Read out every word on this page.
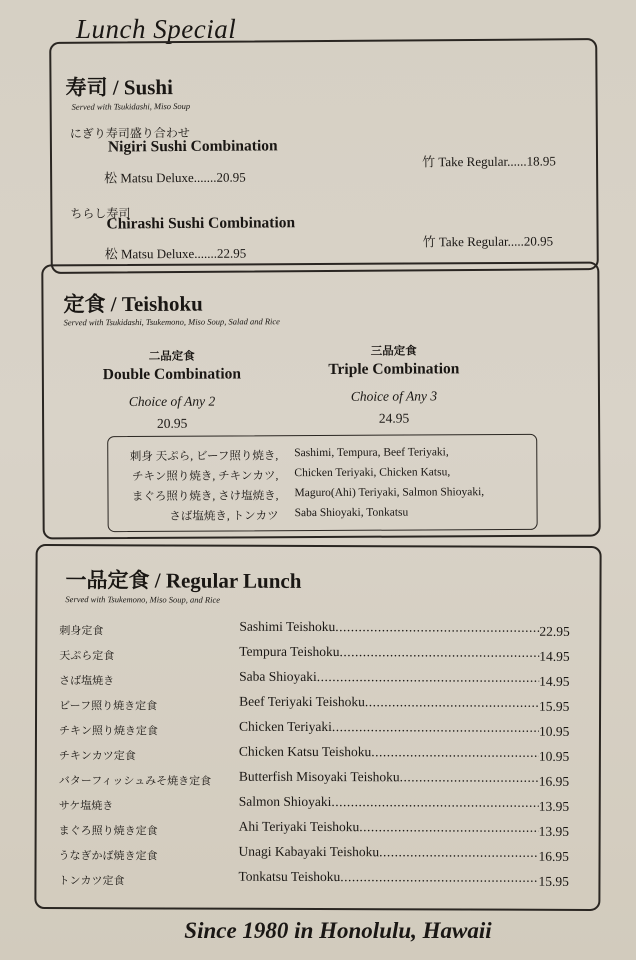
Lunch Special
寿司 / Sushi
Served with Tsukidashi, Miso Soup
にぎり寿司盛り合わせ
Nigiri Sushi Combination
松 Matsu Deluxe.......20.95
竹 Take Regular......18.95
ちらし寿司
Chirashi Sushi Combination
松 Matsu Deluxe.......22.95
竹 Take Regular.....20.95
定食 / Teishoku
Served with Tsukidashi, Tsukemono, Miso Soup, Salad and Rice
二品定食
Double Combination
Choice of Any 2
20.95
三品定食
Triple Combination
Choice of Any 3
24.95
刺身 天ぷら, ビーフ照り焼き, Sashimi, Tempura, Beef Teriyaki,
チキン照り焼き, チキンカツ, Chicken Teriyaki, Chicken Katsu,
まぐろ照り焼き, さけ塩焼き, Maguro(Ahi) Teriyaki, Salmon Shioyaki,
さば塩焼き, トンカツ Saba Shioyaki, Tonkatsu
一品定食 / Regular Lunch
Served with Tsukemono, Miso Soup, and Rice
刺身定食	Sashimi Teishoku .....	22.95
天ぷら定食	Tempura Teishoku .....	14.95
さば塩焼き	Saba Shioyaki .....	14.95
ビーフ照り焼き定食	Beef Teriyaki Teishoku .....	15.95
チキン照り焼き定食	Chicken Teriyaki .....	10.95
チキンカツ定食	Chicken Katsu Teishoku .....	10.95
バターフィッシュみそ焼き定食 Butterfish Misoyaki Teishoku .....	16.95
サケ塩焼き	Salmon Shioyaki .....	13.95
まぐろ照り焼き定食	Ahi Teriyaki Teishoku .....	13.95
うなぎかば焼き定食	Unagi Kabayaki Teishoku .....	16.95
トンカツ定食	Tonkatsu Teishoku .....	15.95
Since 1980 in Honolulu, Hawaii
